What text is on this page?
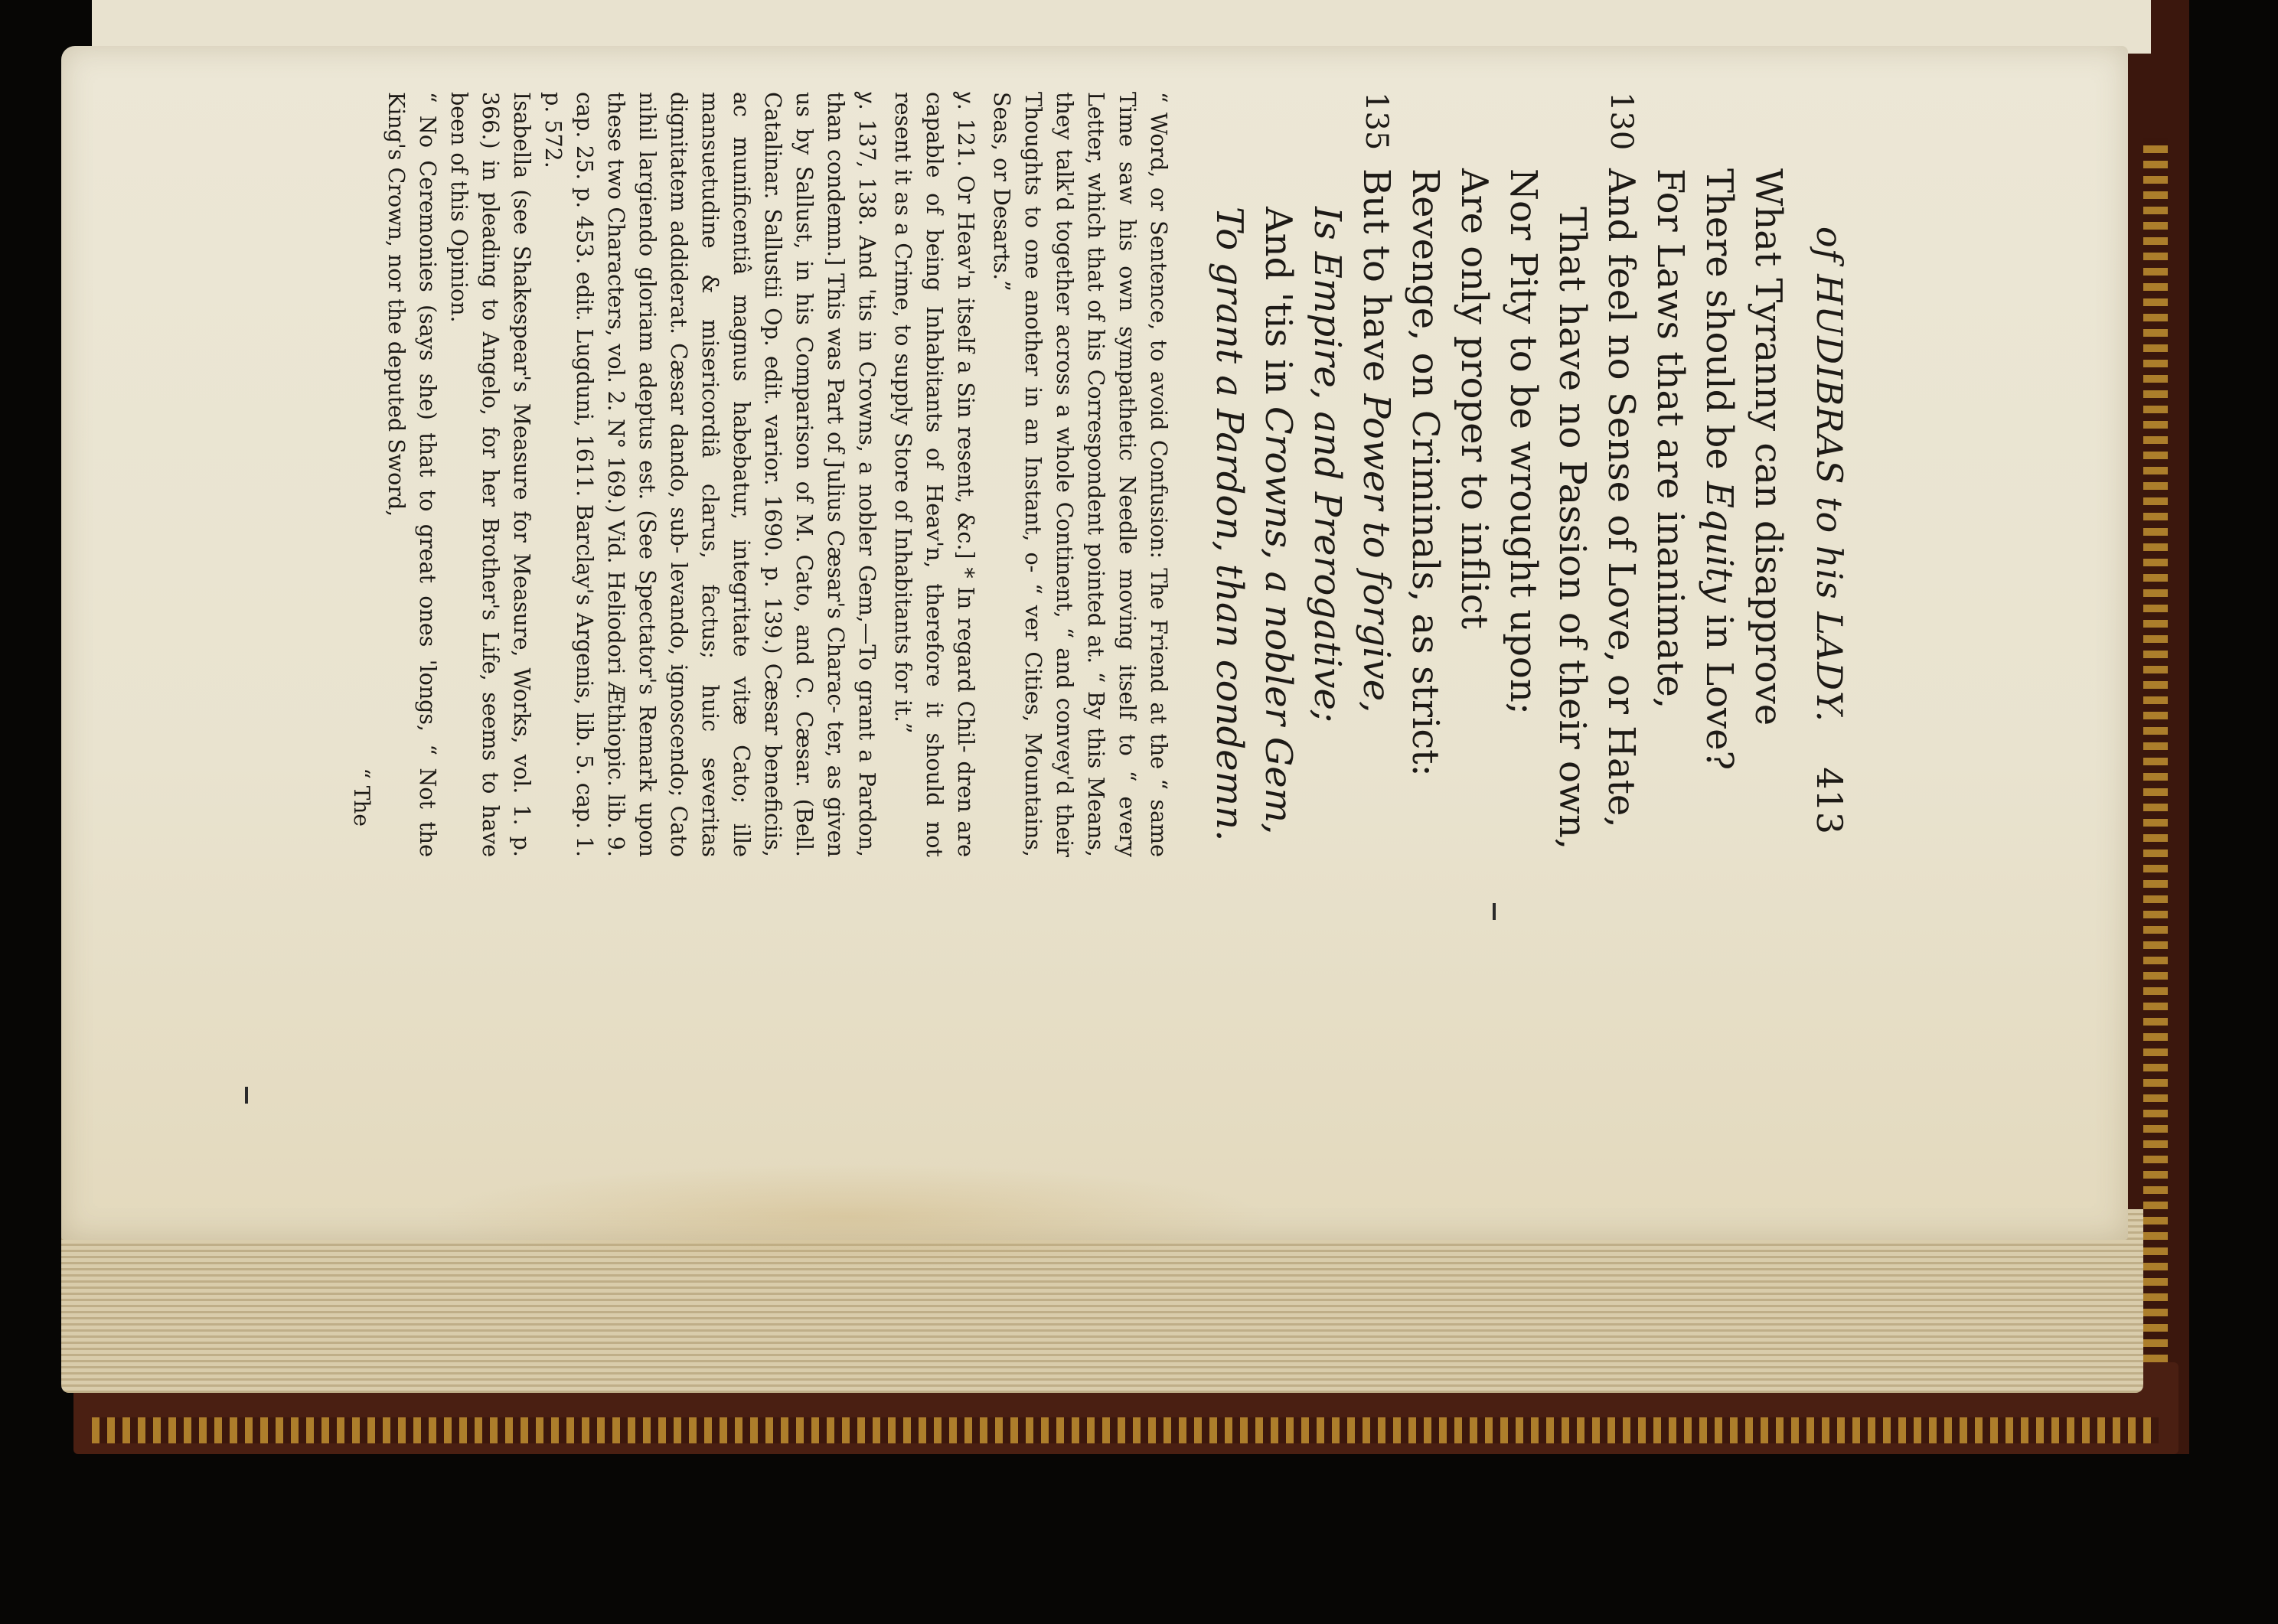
of HUDIBRAS to his LADY.
413
What Tyranny can disapprove
There should be Equity in Love?
For Laws that are inanimate,
130
And feel no Sense of Love, or Hate,
That have no Passion of their own,
Nor Pity to be wrought upon;
Are only proper to inflict
Revenge, on Criminals, as strict:
135
But to have Power to forgive,
Is Empire, and Prerogative;
And 'tis in Crowns, a nobler Gem,
To grant a Pardon, than condemn.

“ Word, or Sentence, to avoid Confusion: The Friend at the “ same Time saw his own sympathetic Needle moving itself to “ every Letter, which that of his Correspondent pointed at. “ By this Means, they talk'd together across a whole Continent, “ and convey'd their Thoughts to one another in an Instant, o- “ ver Cities, Mountains, Seas, or Desarts.”

ỿ. 121. Or Heav'n itself a Sin resent, &c.] * In regard Chil- dren are capable of being Inhabitants of Heav'n, therefore it should not resent it as a Crime, to supply Store of Inhabitants for it.”

ỿ. 137, 138. And 'tis in Crowns, a nobler Gem,—To grant a Pardon, than condemn.] This was Part of Julius Cæsar's Charac- ter, as given us by Sallust, in his Comparison of M. Cato, and C. Cæsar. (Bell. Catalinar. Sallustii Op. edit. varior. 1690. p. 139.) Cæsar beneficiis, ac munificentiâ magnus habebatur, integritate vitæ Cato; ille mansuetudine & misericordiâ clarus, factus; huic severitas dignitatem addiderat. Cæsar dando, sub- levando, ignoscendo; Cato nihil largiendo gloriam adeptus est. (See Spectator's Remark upon these two Characters, vol. 2. N° 169.) Vid. Heliodori Æthiopic. lib. 9. cap. 25. p. 453. edit. Lugduni, 1611. Barclay's Argenis, lib. 5. cap. 1. p. 572.

Isabella (see Shakespear's Measure for Measure, Works, vol. 1. p. 366.) in pleading to Angelo, for her Brother's Life, seems to have been of this Opinion.

“ No Ceremonies (says she) that to great ones 'longs, “ Not the King's Crown, nor the deputed Sword,

“ The
